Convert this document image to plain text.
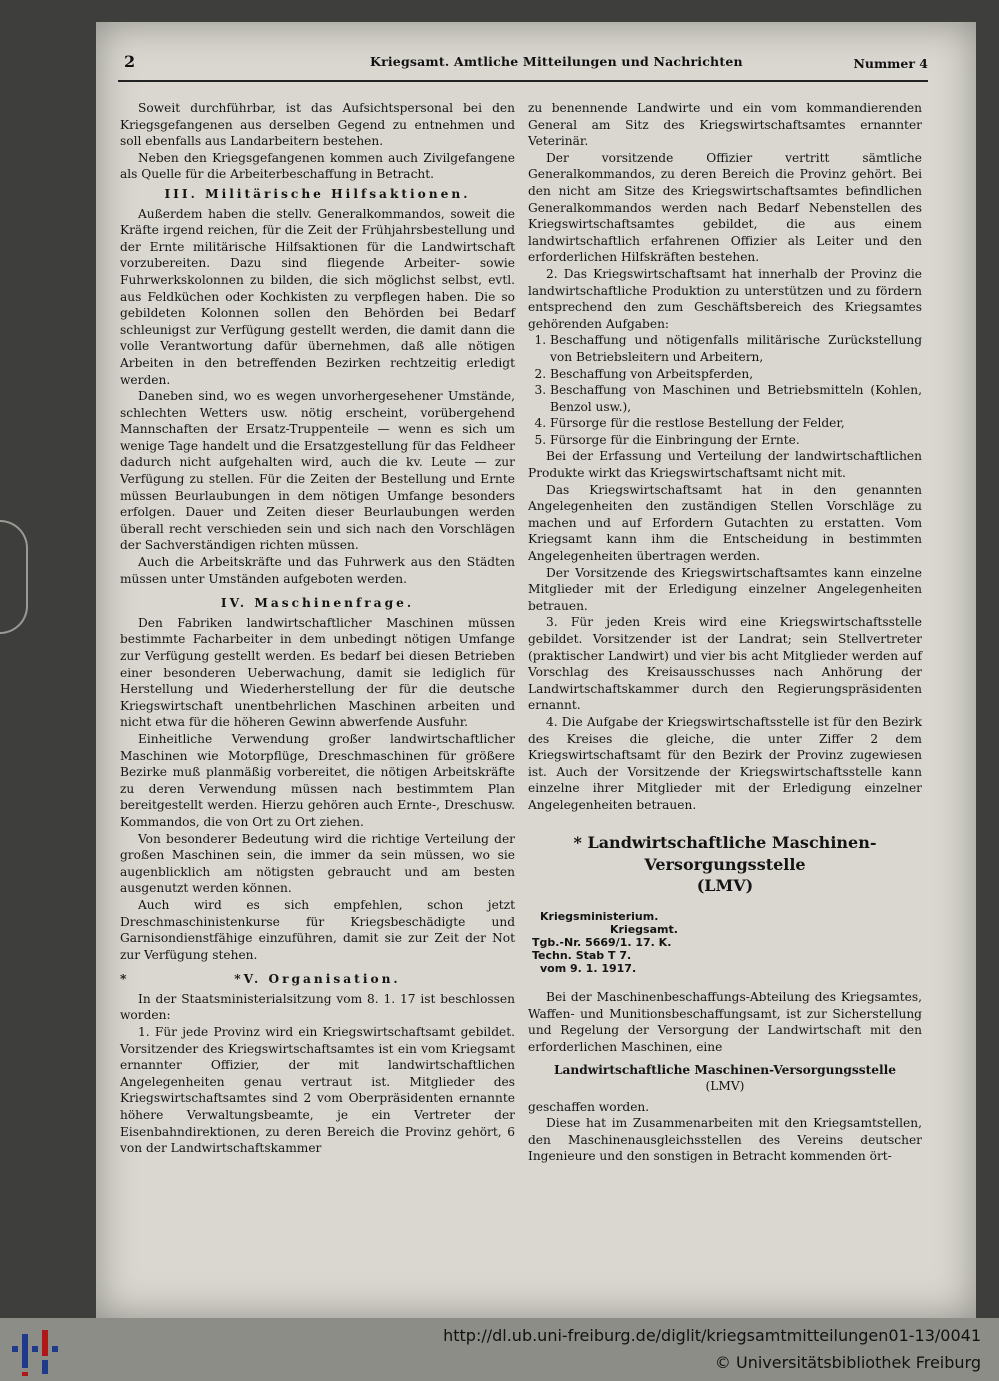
2	Kriegsamt. Amtliche Mitteilungen und Nachrichten	Nummer 4

Soweit durchführbar, ist das Aufsichtspersonal bei den Kriegsgefangenen aus derselben Gegend zu entnehmen und soll ebenfalls aus Landarbeitern bestehen.

Neben den Kriegsgefangenen kommen auch Zivilgefangene als Quelle für die Arbeiterbeschaffung in Betracht.

III. Militärische Hilfsaktionen.

Außerdem haben die stellv. Generalkommandos, soweit die Kräfte irgend reichen, für die Zeit der Frühjahrsbestellung und der Ernte militärische Hilfsaktionen für die Landwirtschaft vorzubereiten. Dazu sind fliegende Arbeiter- sowie Fuhrwerkskolonnen zu bilden, die sich möglichst selbst, evtl. aus Feldküchen oder Kochkisten zu verpflegen haben. Die so gebildeten Kolonnen sollen den Behörden bei Bedarf schleunigst zur Verfügung gestellt werden, die damit dann die volle Verantwortung dafür übernehmen, daß alle nötigen Arbeiten in den betreffenden Bezirken rechtzeitig erledigt werden.

Daneben sind, wo es wegen unvorhergesehener Umstände, schlechten Wetters usw. nötig erscheint, vorübergehend Mannschaften der Ersatz-Truppenteile — wenn es sich um wenige Tage handelt und die Ersatzgestellung für das Feldheer dadurch nicht aufgehalten wird, auch die kv. Leute — zur Verfügung zu stellen. Für die Zeiten der Bestellung und Ernte müssen Beurlaubungen in dem nötigen Umfange besonders erfolgen. Dauer und Zeiten dieser Beurlaubungen werden überall recht verschieden sein und sich nach den Vorschlägen der Sachverständigen richten müssen.

Auch die Arbeitskräfte und das Fuhrwerk aus den Städten müssen unter Umständen aufgeboten werden.

IV. Maschinenfrage.

Den Fabriken landwirtschaftlicher Maschinen müssen bestimmte Facharbeiter in dem unbedingt nötigen Umfange zur Verfügung gestellt werden. Es bedarf bei diesen Betrieben einer besonderen Ueberwachung, damit sie lediglich für Herstellung und Wiederherstellung der für die deutsche Kriegswirtschaft unentbehrlichen Maschinen arbeiten und nicht etwa für die höheren Gewinn abwerfende Ausfuhr.

Einheitliche Verwendung großer landwirtschaftlicher Maschinen wie Motorpflüge, Dreschmaschinen für größere Bezirke muß planmäßig vorbereitet, die nötigen Arbeitskräfte zu deren Verwendung müssen nach bestimmtem Plan bereitgestellt werden. Hierzu gehören auch Ernte-, Dreschusw. Kommandos, die von Ort zu Ort ziehen.

Von besonderer Bedeutung wird die richtige Verteilung der großen Maschinen sein, die immer da sein müssen, wo sie augenblicklich am nötigsten gebraucht und am besten ausgenutzt werden können.

Auch wird es sich empfehlen, schon jetzt Dreschmaschinistenkurse für Kriegsbeschädigte und Garnisondienstfähige einzuführen, damit sie zur Zeit der Not zur Verfügung stehen.

*	*V. Organisation.

In der Staatsministerialsitzung vom 8. 1. 17 ist beschlossen worden:

1. Für jede Provinz wird ein Kriegswirtschaftsamt gebildet. Vorsitzender des Kriegswirtschaftsamtes ist ein vom Kriegsamt ernannter Offizier, der mit landwirtschaftlichen Angelegenheiten genau vertraut ist. Mitglieder des Kriegswirtschaftsamtes sind 2 vom Oberpräsidenten ernannte höhere Verwaltungsbeamte, je ein Vertreter der Eisenbahndirektionen, zu deren Bereich die Provinz gehört, 6 von der Landwirtschaftskammer

zu benennende Landwirte und ein vom kommandierenden General am Sitz des Kriegswirtschaftsamtes ernannter Veterinär.

Der vorsitzende Offizier vertritt sämtliche Generalkommandos, zu deren Bereich die Provinz gehört. Bei den nicht am Sitze des Kriegswirtschaftsamtes befindlichen Generalkommandos werden nach Bedarf Nebenstellen des Kriegswirtschaftsamtes gebildet, die aus einem landwirtschaftlich erfahrenen Offizier als Leiter und den erforderlichen Hilfskräften bestehen.

2. Das Kriegswirtschaftsamt hat innerhalb der Provinz die landwirtschaftliche Produktion zu unterstützen und zu fördern entsprechend den zum Geschäftsbereich des Kriegsamtes gehörenden Aufgaben:

1. Beschaffung und nötigenfalls militärische Zurückstellung von Betriebsleitern und Arbeitern,
2. Beschaffung von Arbeitspferden,
3. Beschaffung von Maschinen und Betriebsmitteln (Kohlen, Benzol usw.),
4. Fürsorge für die restlose Bestellung der Felder,
5. Fürsorge für die Einbringung der Ernte.

Bei der Erfassung und Verteilung der landwirtschaftlichen Produkte wirkt das Kriegswirtschaftsamt nicht mit.

Das Kriegswirtschaftsamt hat in den genannten Angelegenheiten den zuständigen Stellen Vorschläge zu machen und auf Erfordern Gutachten zu erstatten. Vom Kriegsamt kann ihm die Entscheidung in bestimmten Angelegenheiten übertragen werden.

Der Vorsitzende des Kriegswirtschaftsamtes kann einzelne Mitglieder mit der Erledigung einzelner Angelegenheiten betrauen.

3. Für jeden Kreis wird eine Kriegswirtschaftsstelle gebildet. Vorsitzender ist der Landrat; sein Stellvertreter (praktischer Landwirt) und vier bis acht Mitglieder werden auf Vorschlag des Kreisausschusses nach Anhörung der Landwirtschaftskammer durch den Regierungspräsidenten ernannt.

4. Die Aufgabe der Kriegswirtschaftsstelle ist für den Bezirk des Kreises die gleiche, die unter Ziffer 2 dem Kriegswirtschaftsamt für den Bezirk der Provinz zugewiesen ist. Auch der Vorsitzende der Kriegswirtschaftsstelle kann einzelne ihrer Mitglieder mit der Erledigung einzelner Angelegenheiten betrauen.

* Landwirtschaftliche Maschinen-Versorgungsstelle
(LMV)
Kriegsministerium.
Kriegsamt.
Tgb.-Nr. 5669/1. 17. K.
Techn. Stab T 7.
vom 9. 1. 1917.

Bei der Maschinenbeschaffungs-Abteilung des Kriegsamtes, Waffen- und Munitionsbeschaffungsamt, ist zur Sicherstellung und Regelung der Versorgung der Landwirtschaft mit den erforderlichen Maschinen, eine

Landwirtschaftliche Maschinen-Versorgungsstelle
(LMV)

geschaffen worden.

Diese hat im Zusammenarbeiten mit den Kriegsamtstellen, den Maschinenausgleichsstellen des Vereins deutscher Ingenieure und den sonstigen in Betracht kommenden ört-

http://dl.ub.uni-freiburg.de/diglit/kriegsamtmitteilungen01-13/0041
© Universitätsbibliothek Freiburg
